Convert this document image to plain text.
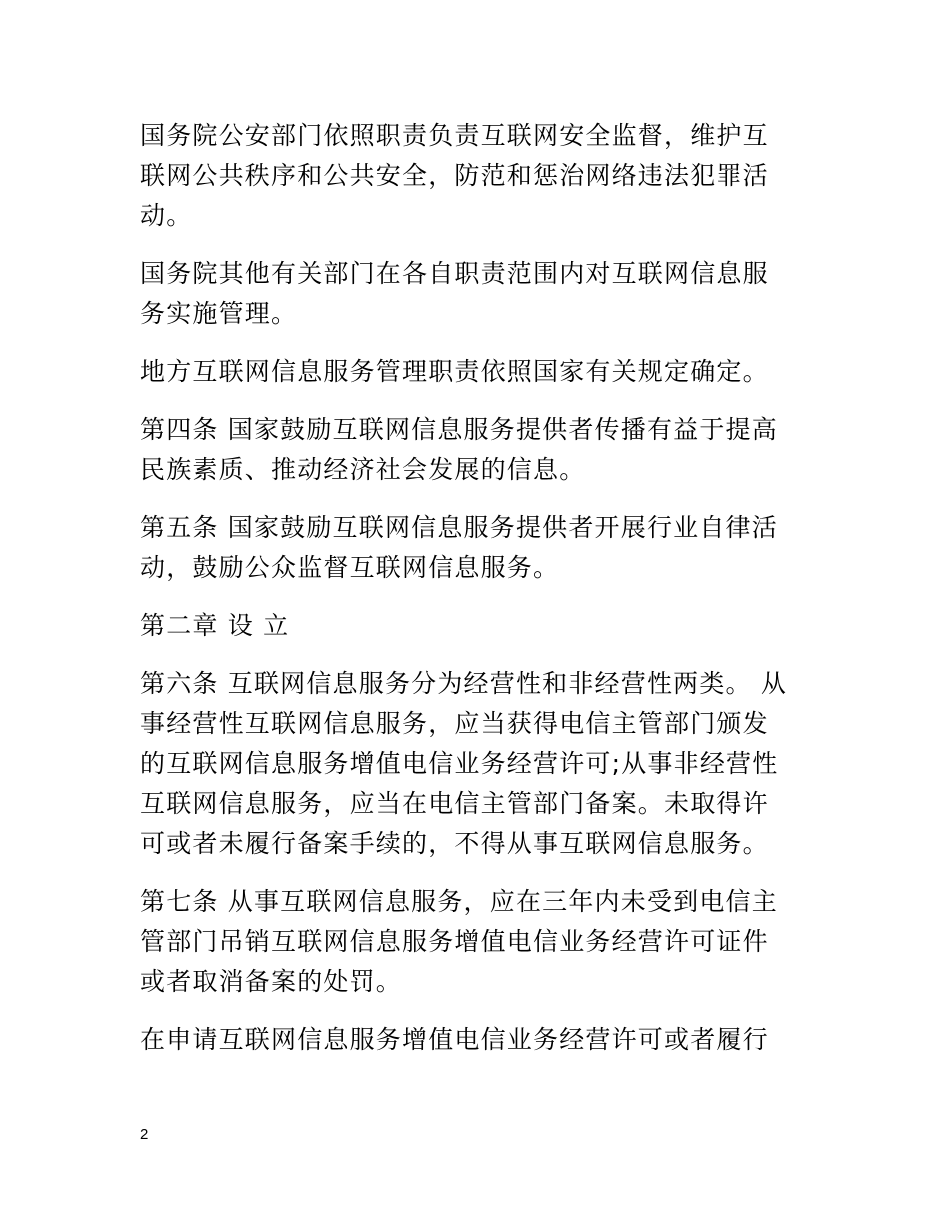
国务院公安部门依照职责负责互联网安全监督，维护互
联网公共秩序和公共安全，防范和惩治网络违法犯罪活
动。

国务院其他有关部门在各自职责范围内对互联网信息服
务实施管理。

地方互联网信息服务管理职责依照国家有关规定确定。

第四条 国家鼓励互联网信息服务提供者传播有益于提高
民族素质、推动经济社会发展的信息。

第五条 国家鼓励互联网信息服务提供者开展行业自律活
动，鼓励公众监督互联网信息服务。

第二章 设 立

第六条 互联网信息服务分为经营性和非经营性两类。 从
事经营性互联网信息服务，应当获得电信主管部门颁发
的互联网信息服务增值电信业务经营许可;从事非经营性
互联网信息服务，应当在电信主管部门备案。未取得许
可或者未履行备案手续的，不得从事互联网信息服务。

第七条 从事互联网信息服务，应在三年内未受到电信主
管部门吊销互联网信息服务增值电信业务经营许可证件
或者取消备案的处罚。

在申请互联网信息服务增值电信业务经营许可或者履行

2
